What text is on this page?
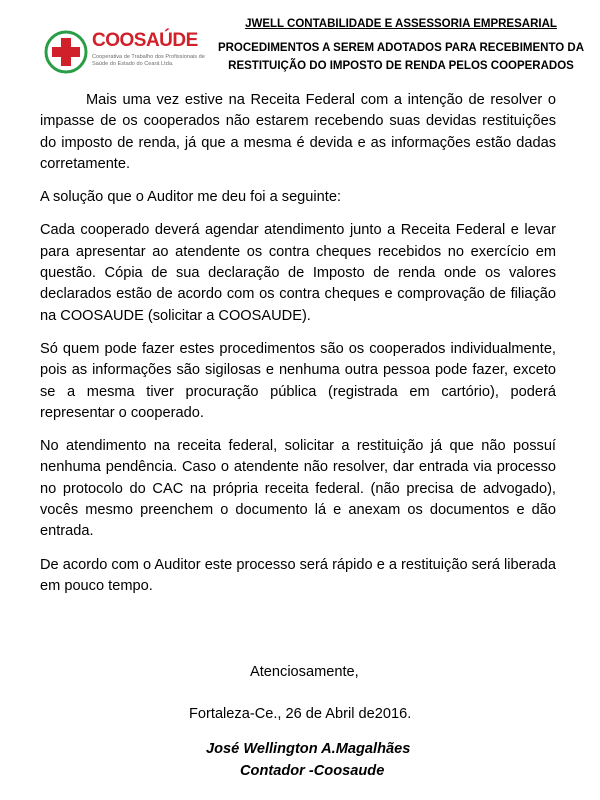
COOSAÚDE
Cooperativa de Trabalho dos Profissionais de Saúde do Estado do Ceará Ltda.
JWELL CONTABILIDADE E ASSESSORIA EMPRESARIAL
PROCEDIMENTOS A SEREM ADOTADOS PARA RECEBIMENTO DA
RESTITUIÇÃO DO IMPOSTO DE RENDA PELOS COOPERADOS

Mais uma vez estive na Receita Federal com a intenção de resolver o impasse de os cooperados não estarem recebendo suas devidas restituições do imposto de renda, já que a mesma é devida e as informações estão dadas corretamente.

A solução que o Auditor me deu foi a seguinte:

Cada cooperado deverá agendar atendimento junto a Receita Federal e levar para apresentar ao atendente os contra cheques recebidos no exercício em questão. Cópia de sua declaração de Imposto de renda onde os valores declarados estão de acordo com os contra cheques e comprovação de filiação na COOSAUDE (solicitar a COOSAUDE).

Só quem pode fazer estes procedimentos são os cooperados individualmente, pois as informações são sigilosas e nenhuma outra pessoa pode fazer, exceto se a mesma tiver procuração pública (registrada em cartório), poderá representar o cooperado.

No atendimento na receita federal, solicitar a restituição já que não possuí nenhuma pendência. Caso o atendente não resolver, dar entrada via processo no protocolo do CAC na própria receita federal. (não precisa de advogado), vocês mesmo preenchem o documento lá e anexam os documentos e dão entrada.

De acordo com o Auditor este processo será rápido e a restituição será liberada em pouco tempo.

Atenciosamente,
Fortaleza-Ce., 26 de Abril de2016.
José Wellington A.Magalhães
Contador -Coosaude
